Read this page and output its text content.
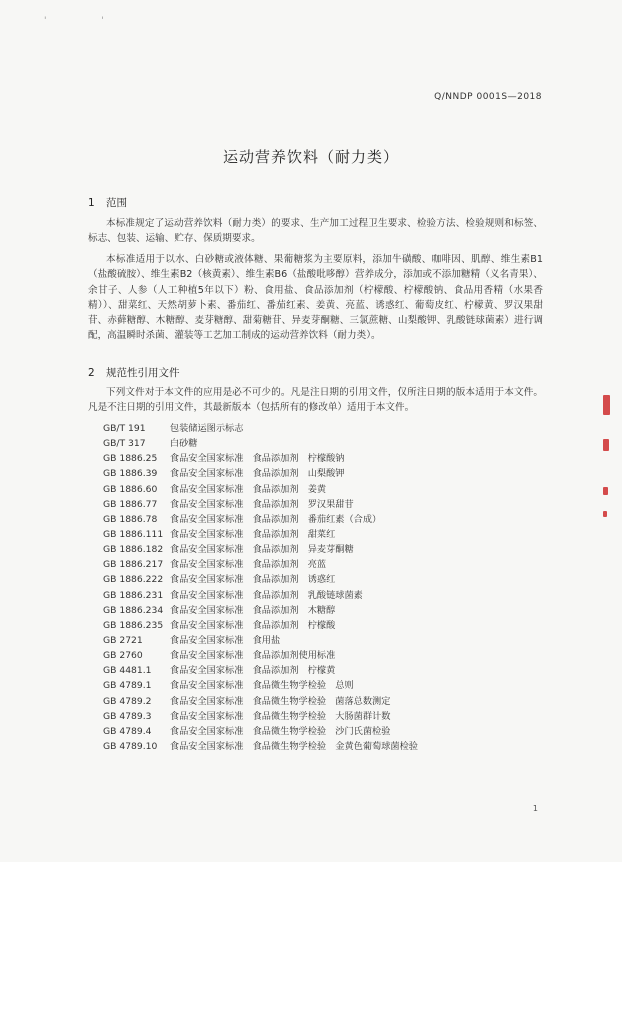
' '
Q/NNDP 0001S—2018
运动营养饮料（耐力类）
1 范围

本标准规定了运动营养饮料（耐力类）的要求、生产加工过程卫生要求、检验方法、检验规则和标签、标志、包装、运输、贮存、保质期要求。

本标准适用于以水、白砂糖或液体糖、果葡糖浆为主要原料，添加牛磺酸、咖啡因、肌醇、维生素B1（盐酸硫胺）、维生素B2（核黄素）、维生素B6（盐酸吡哆醇）营养成分，添加或不添加糖精（义名青果）、余甘子、人参（人工种植5年以下）粉、食用盐、食品添加剂（柠檬酸、柠檬酸钠、食品用香精（水果香精））、甜菜红、天然胡萝卜素、番茄红、番茄红素、姜黄、亮蓝、诱惑红、葡萄皮红、柠檬黄、罗汉果甜苷、赤藓糖醇、木糖醇、麦芽糖醇、甜菊糖苷、异麦芽酮糖、三氯蔗糖、山梨酸钾、乳酸链球菌素）进行调配，高温瞬时杀菌、灌装等工艺加工制成的运动营养饮料（耐力类）。

2 规范性引用文件

下列文件对于本文件的应用是必不可少的。凡是注日期的引用文件，仅所注日期的版本适用于本文件。凡是不注日期的引用文件，其最新版本（包括所有的修改单）适用于本文件。

GB/T 191	包装储运图示标志
GB/T 317	白砂糖
GB 1886.25 食品安全国家标准　食品添加剂　柠檬酸钠
GB 1886.39 食品安全国家标准　食品添加剂　山梨酸钾
GB 1886.60 食品安全国家标准　食品添加剂　姜黄
GB 1886.77 食品安全国家标准　食品添加剂　罗汉果甜苷
GB 1886.78 食品安全国家标准　食品添加剂　番茄红素（合成）
GB 1886.111 食品安全国家标准　食品添加剂　甜菜红
GB 1886.182 食品安全国家标准　食品添加剂　异麦芽酮糖
GB 1886.217 食品安全国家标准　食品添加剂　亮蓝
GB 1886.222 食品安全国家标准　食品添加剂　诱惑红
GB 1886.231 食品安全国家标准　食品添加剂　乳酸链球菌素
GB 1886.234 食品安全国家标准　食品添加剂　木糖醇
GB 1886.235 食品安全国家标准　食品添加剂　柠檬酸
GB 2721	食品安全国家标准　食用盐
GB 2760	食品安全国家标准　食品添加剂使用标准
GB 4481.1 食品安全国家标准　食品添加剂　柠檬黄
GB 4789.1 食品安全国家标准　食品微生物学检验　总则
GB 4789.2 食品安全国家标准　食品微生物学检验　菌落总数测定
GB 4789.3 食品安全国家标准　食品微生物学检验　大肠菌群计数
GB 4789.4 食品安全国家标准　食品微生物学检验　沙门氏菌检验
GB 4789.10 食品安全国家标准　食品微生物学检验　金黄色葡萄球菌检验
1
